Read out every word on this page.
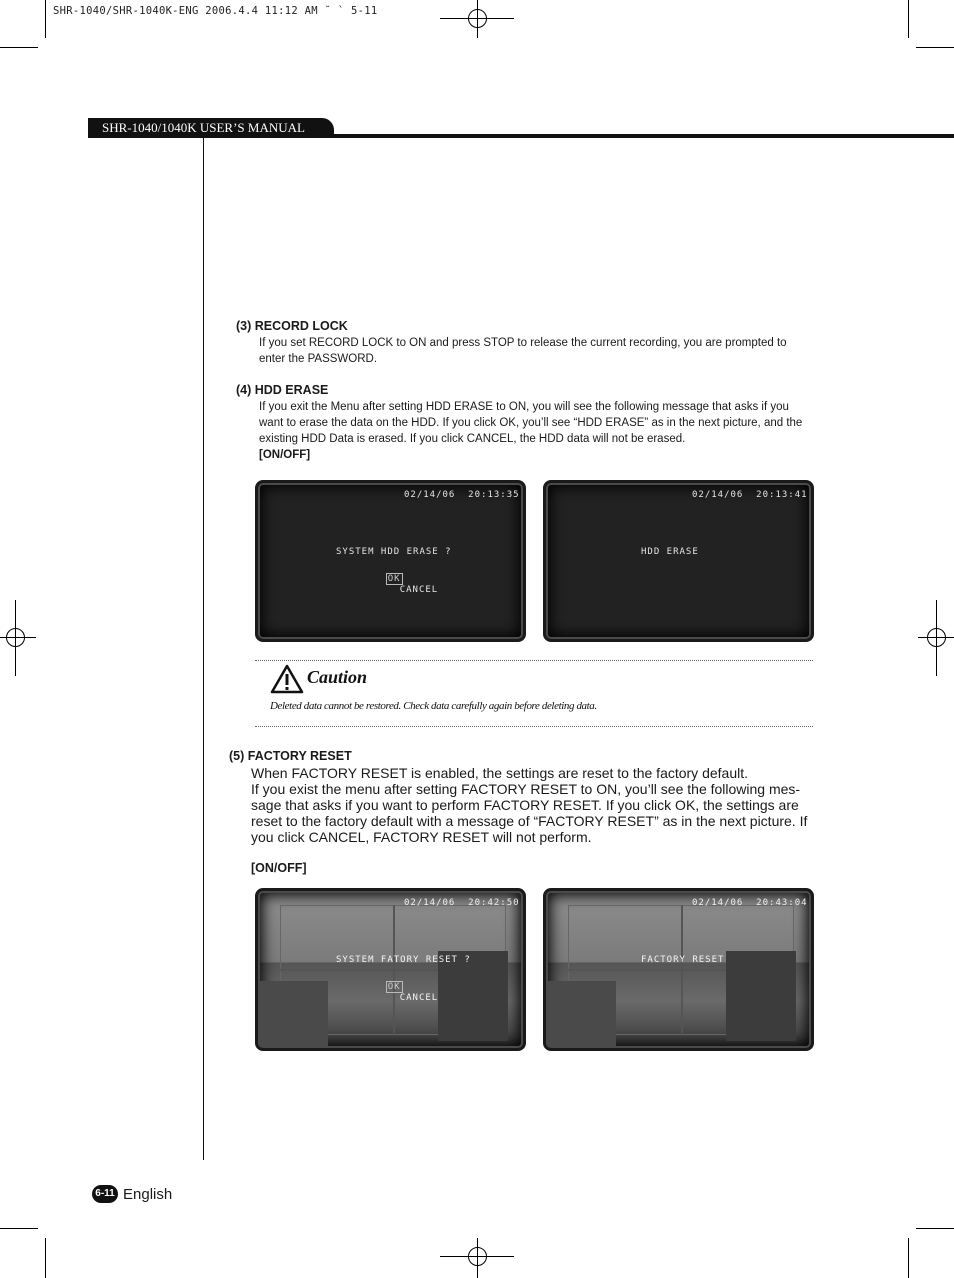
SHR-1040/SHR-1040K-ENG 2006.4.4 11:12 AM ˘ ` 5-11
SHR-1040/1040K USER’S MANUAL
(3) RECORD LOCK
If you set RECORD LOCK to ON and press STOP to release the current recording, you are prompted to
enter the PASSWORD.
(4) HDD ERASE
If you exit the Menu after setting HDD ERASE to ON, you will see the following message that asks if you
want to erase the data on the HDD. If you click OK, you’ll see “HDD ERASE” as in the next picture, and the
existing HDD Data is erased. If you click CANCEL, the HDD data will not be erased.
[ON/OFF]
02/14/06  20:13:35
SYSTEM HDD ERASE ?

OK
CANCEL

02/14/06  20:13:41
HDD ERASE
Caution
Deleted data cannot be restored. Check data carefully again before deleting data.
(5) FACTORY RESET
When FACTORY RESET is enabled, the settings are reset to the factory default.
If you exist the menu after setting FACTORY RESET to ON, you’ll see the following mes-
sage that asks if you want to perform FACTORY RESET. If you click OK, the settings are
reset to the factory default with a message of “FACTORY RESET” as in the next picture. If
you click CANCEL, FACTORY RESET will not perform.
[ON/OFF]
02/14/06  20:42:50
SYSTEM FATORY RESET ?

OK
CANCEL

02/14/06  20:43:04
FACTORY RESET
6-11 English
